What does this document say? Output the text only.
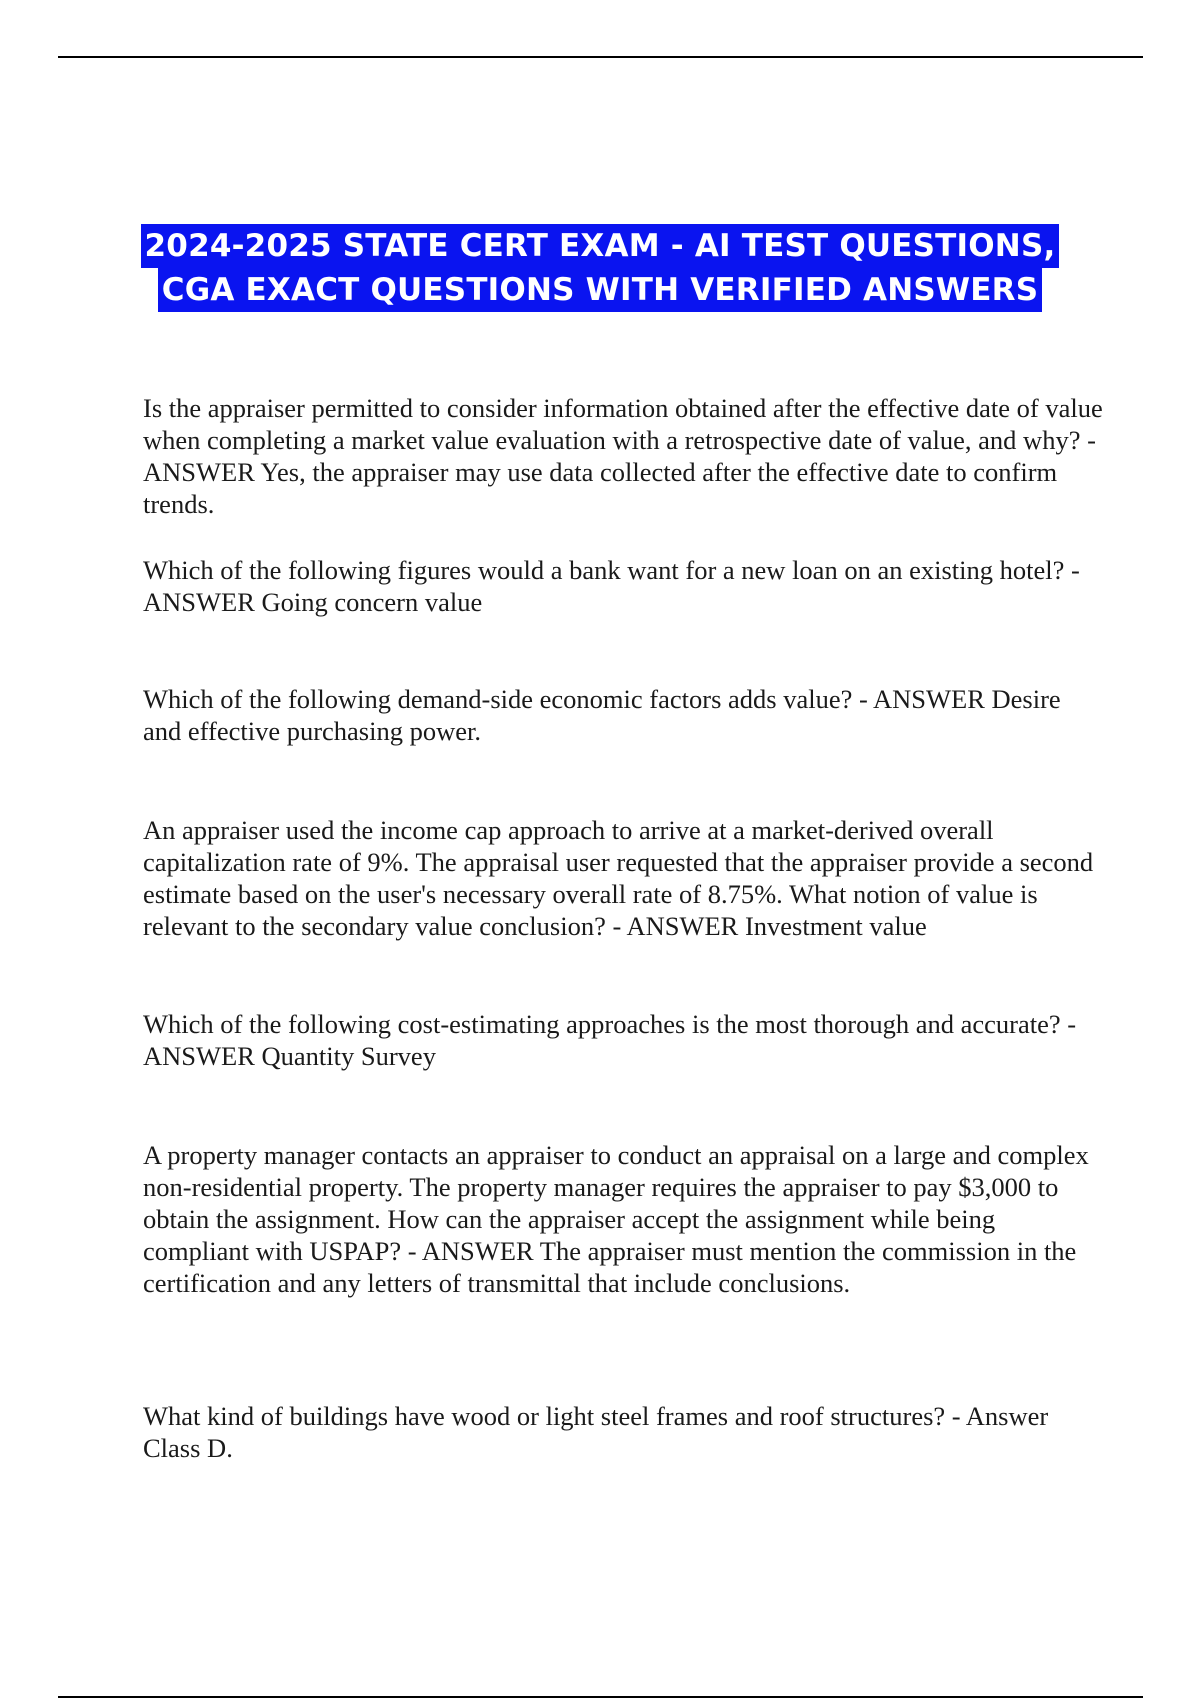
2024-2025 STATE CERT EXAM - AI TEST QUESTIONS,
CGA EXACT QUESTIONS WITH VERIFIED ANSWERS

Is the appraiser permitted to consider information obtained after the effective date of value when completing a market value evaluation with a retrospective date of value, and why? - ANSWER Yes, the appraiser may use data collected after the effective date to confirm trends.

Which of the following figures would a bank want for a new loan on an existing hotel? - ANSWER Going concern value

Which of the following demand-side economic factors adds value? - ANSWER Desire and effective purchasing power.

An appraiser used the income cap approach to arrive at a market-derived overall capitalization rate of 9%. The appraisal user requested that the appraiser provide a second estimate based on the user's necessary overall rate of 8.75%. What notion of value is relevant to the secondary value conclusion? - ANSWER Investment value

Which of the following cost-estimating approaches is the most thorough and accurate? - ANSWER Quantity Survey

A property manager contacts an appraiser to conduct an appraisal on a large and complex non-residential property. The property manager requires the appraiser to pay $3,000 to obtain the assignment. How can the appraiser accept the assignment while being compliant with USPAP? - ANSWER The appraiser must mention the commission in the certification and any letters of transmittal that include conclusions.

What kind of buildings have wood or light steel frames and roof structures? - Answer Class D.
